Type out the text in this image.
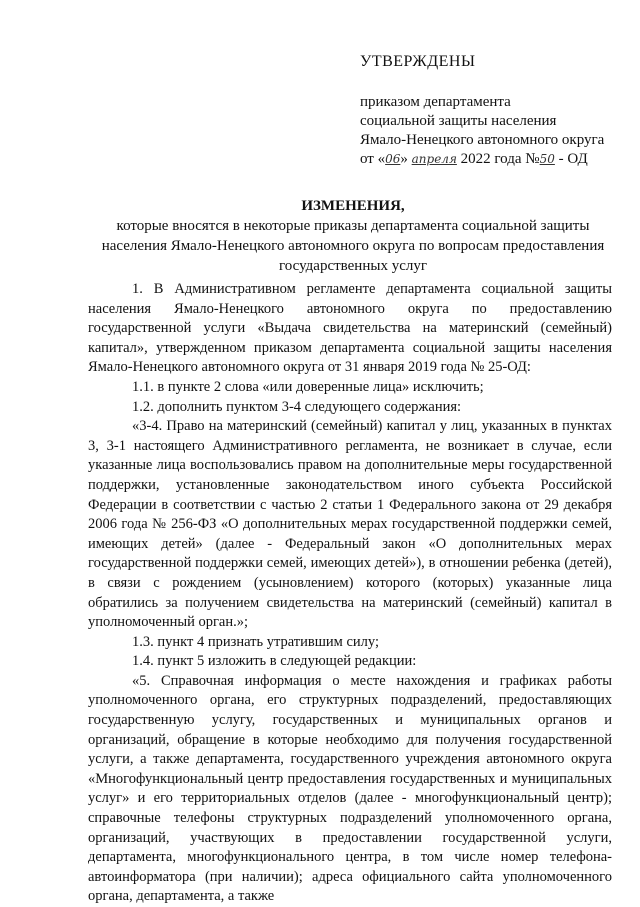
УТВЕРЖДЕНЫ
приказом департамента
социальной защиты населения
Ямало-Ненецкого автономного округа
от «06» апреля 2022 года №50 - ОД
ИЗМЕНЕНИЯ,
которые вносятся в некоторые приказы департамента социальной защиты
населения Ямало-Ненецкого автономного округа по вопросам предоставления
государственных услуг

1. В Административном регламенте департамента социальной защиты населения Ямало-Ненецкого автономного округа по предоставлению государственной услуги «Выдача свидетельства на материнский (семейный) капитал», утвержденном приказом департамента социальной защиты населения Ямало-Ненецкого автономного округа от 31 января 2019 года № 25-ОД:

1.1. в пункте 2 слова «или доверенные лица» исключить;

1.2. дополнить пунктом 3-4 следующего содержания:

«3-4. Право на материнский (семейный) капитал у лиц, указанных в пунктах 3, 3-1 настоящего Административного регламента, не возникает в случае, если указанные лица воспользовались правом на дополнительные меры государственной поддержки, установленные законодательством иного субъекта Российской Федерации в соответствии с частью 2 статьи 1 Федерального закона от 29 декабря 2006 года № 256-ФЗ «О дополнительных мерах государственной поддержки семей, имеющих детей» (далее - Федеральный закон «О дополнительных мерах государственной поддержки семей, имеющих детей»), в отношении ребенка (детей), в связи с рождением (усыновлением) которого (которых) указанные лица обратились за получением свидетельства на материнский (семейный) капитал в уполномоченный орган.»;

1.3. пункт 4 признать утратившим силу;

1.4. пункт 5 изложить в следующей редакции:

«5. Справочная информация о месте нахождения и графиках работы уполномоченного органа, его структурных подразделений, предоставляющих государственную услугу, государственных и муниципальных органов и организаций, обращение в которые необходимо для получения государственной услуги, а также департамента, государственного учреждения автономного округа «Многофункциональный центр предоставления государственных и муниципальных услуг» и его территориальных отделов (далее - многофункциональный центр); справочные телефоны структурных подразделений уполномоченного органа, организаций, участвующих в предоставлении государственной услуги, департамента, многофункционального центра, в том числе номер телефона-автоинформатора (при наличии); адреса официального сайта уполномоченного органа, департамента, а также
